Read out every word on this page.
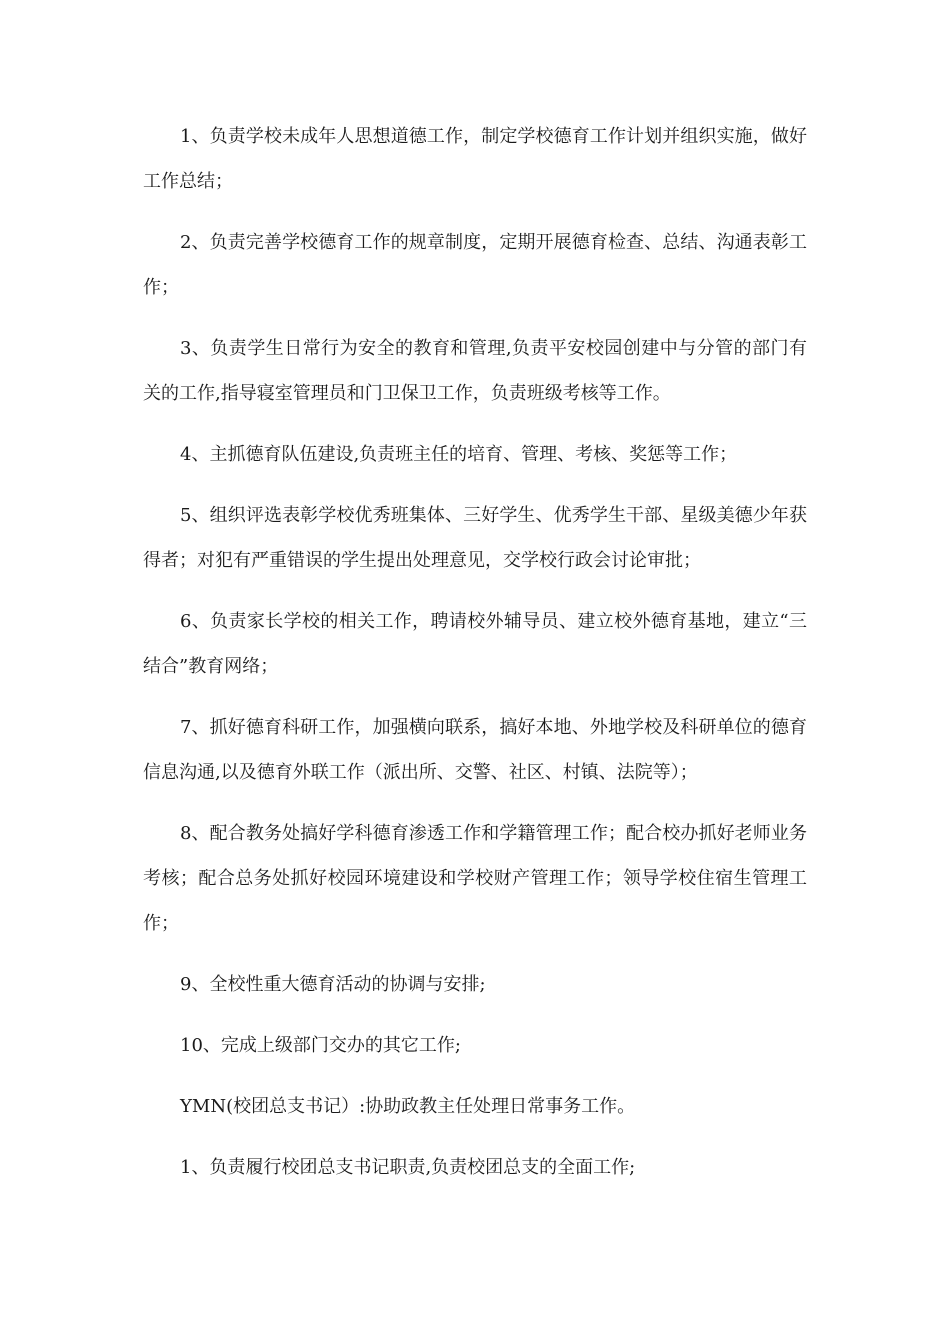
1、负责学校未成年人思想道德工作，制定学校德育工作计划并组织实施，做好工作总结；

2、负责完善学校德育工作的规章制度，定期开展德育检查、总结、沟通表彰工作；

3、负责学生日常行为安全的教育和管理,负责平安校园创建中与分管的部门有关的工作,指导寝室管理员和门卫保卫工作，负责班级考核等工作。

4、主抓德育队伍建设,负责班主任的培育、管理、考核、奖惩等工作；

5、组织评选表彰学校优秀班集体、三好学生、优秀学生干部、星级美德少年获得者；对犯有严重错误的学生提出处理意见，交学校行政会讨论审批；

6、负责家长学校的相关工作，聘请校外辅导员、建立校外德育基地，建立“三结合”教育网络；

7、抓好德育科研工作，加强横向联系，搞好本地、外地学校及科研单位的德育信息沟通,以及德育外联工作（派出所、交警、社区、村镇、法院等）；

8、配合教务处搞好学科德育渗透工作和学籍管理工作；配合校办抓好老师业务考核；配合总务处抓好校园环境建设和学校财产管理工作；领导学校住宿生管理工作；

9、全校性重大德育活动的协调与安排;

10、完成上级部门交办的其它工作;

YMN(校团总支书记）:协助政教主任处理日常事务工作。

1、负责履行校团总支书记职责,负责校团总支的全面工作;
